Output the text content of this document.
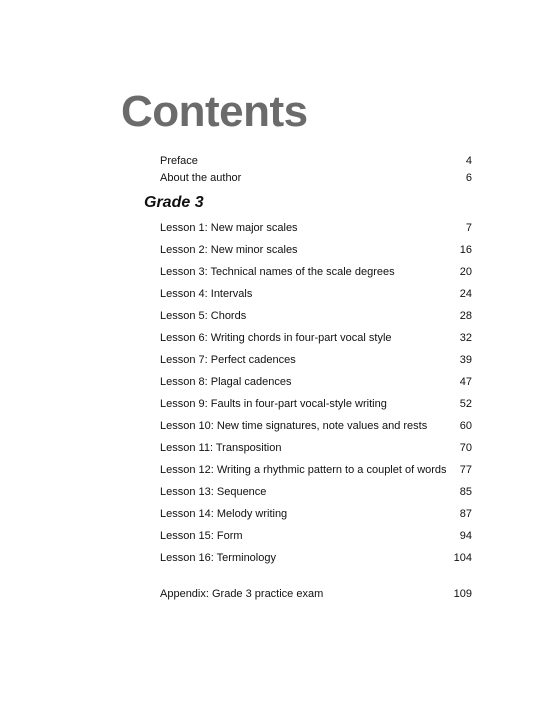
Contents
Preface	4
About the author	6
Grade 3
Lesson 1: New major scales	7
Lesson 2: New minor scales	16
Lesson 3: Technical names of the scale degrees	20
Lesson 4: Intervals	24
Lesson 5: Chords	28
Lesson 6: Writing chords in four-part vocal style	32
Lesson 7: Perfect cadences	39
Lesson 8: Plagal cadences	47
Lesson 9: Faults in four-part vocal-style writing	52
Lesson 10: New time signatures, note values and rests	60
Lesson 11: Transposition	70
Lesson 12: Writing a rhythmic pattern to a couplet of words 77
Lesson 13: Sequence	85
Lesson 14: Melody writing	87
Lesson 15: Form	94
Lesson 16: Terminology	104
Appendix: Grade 3 practice exam	109
